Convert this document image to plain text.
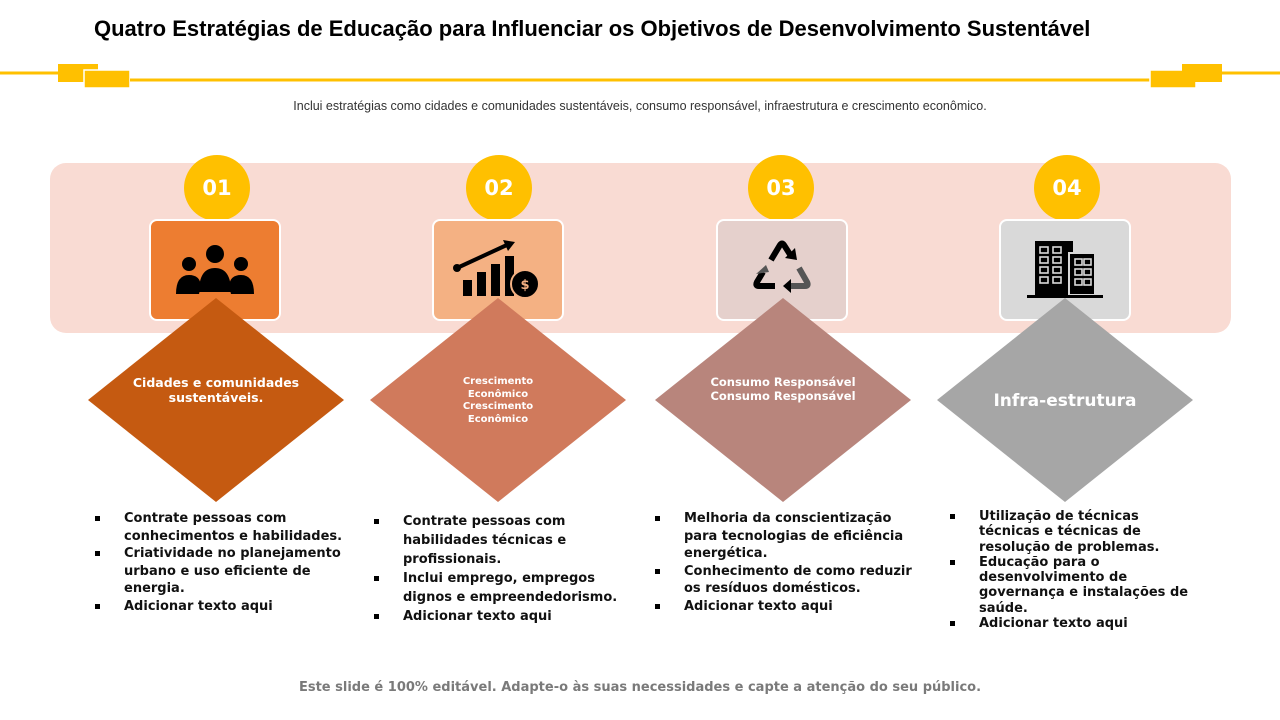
Quatro Estratégias de Educação para Influenciar os Objetivos de Desenvolvimento Sustentável
Inclui estratégias como cidades e comunidades sustentáveis, consumo responsável, infraestrutura e crescimento econômico.
01
Cidades e comunidades sustentáveis.
Contrate pessoas com conhecimentos e habilidades.
Criatividade no planejamento urbano e uso eficiente de energia.
Adicionar texto aqui
02
$
Crescimento Econômico Crescimento Econômico
Contrate pessoas com habilidades técnicas e profissionais.
Inclui emprego, empregos dignos e empreendedorismo.
Adicionar texto aqui
03
Consumo Responsável Consumo Responsável
Melhoria da conscientização para tecnologias de eficiência energética.
Conhecimento de como reduzir os resíduos domésticos.
Adicionar texto aqui
04
Infra-estrutura
Utilização de técnicas técnicas e técnicas de resolução de problemas.
Educação para o desenvolvimento de governança e instalações de saúde.
Adicionar texto aqui
Este slide é 100% editável. Adapte-o às suas necessidades e capte a atenção do seu público.
